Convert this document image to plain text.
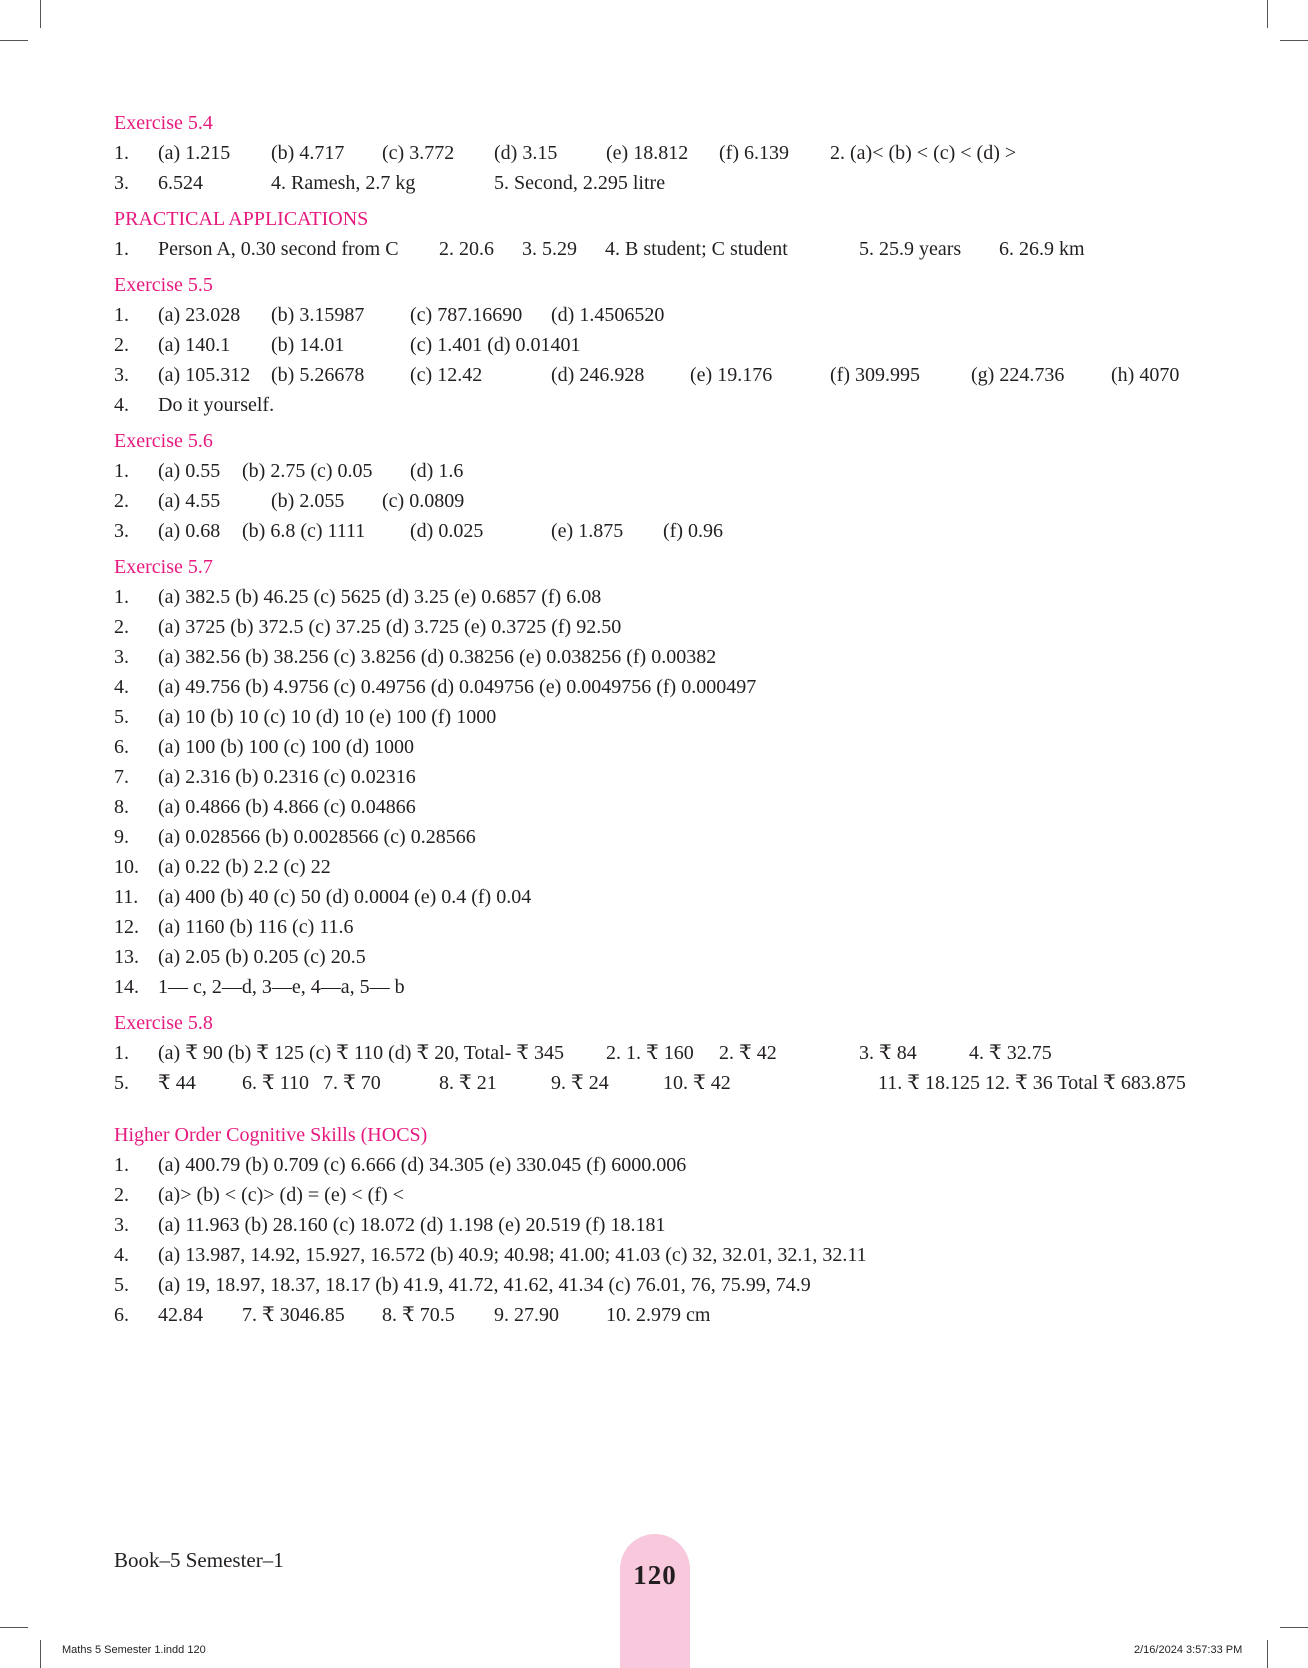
Exercise 5.4
1. (a) 1.215 (b) 4.717 (c) 3.772 (d) 3.15 (e) 18.812 (f) 6.139 2. (a)< (b) < (c) < (d) >
3. 6.524	4. Ramesh, 2.7 kg	5. Second, 2.295 litre
PRACTICAL APPLICATIONS
1. Person A, 0.30 second from C 2. 20.6 3. 5.29 4. B student; C student	5. 25.9 years 6. 26.9 km
Exercise 5.5
1. (a) 23.028 (b) 3.15987 (c) 787.16690 (d) 1.4506520
2. (a) 140.1 (b) 14.01	(c) 1.401 (d) 0.01401
3. (a) 105.312 (b) 5.26678 (c) 12.42	(d) 246.928 (e) 19.176	(f) 309.995	(g) 224.736 (h) 4070
4. Do it yourself.
Exercise 5.6
1. (a) 0.55 (b) 2.75 (c) 0.05 (d) 1.6
2. (a) 4.55	(b) 2.055 (c) 0.0809
3. (a) 0.68 (b) 6.8 (c) 1111 (d) 0.025	(e) 1.875 (f) 0.96
Exercise 5.7
1. (a) 382.5 (b) 46.25 (c) 5625 (d) 3.25 (e) 0.6857 (f) 6.08
2. (a) 3725 (b) 372.5 (c) 37.25 (d) 3.725 (e) 0.3725 (f) 92.50
3. (a) 382.56 (b) 38.256 (c) 3.8256 (d) 0.38256 (e) 0.038256 (f) 0.00382
4. (a) 49.756 (b) 4.9756 (c) 0.49756 (d) 0.049756 (e) 0.0049756 (f) 0.000497
5. (a) 10 (b) 10 (c) 10 (d) 10 (e) 100 (f) 1000
6. (a) 100 (b) 100 (c) 100 (d) 1000
7. (a) 2.316 (b) 0.2316 (c) 0.02316
8. (a) 0.4866 (b) 4.866 (c) 0.04866
9. (a) 0.028566 (b) 0.0028566 (c) 0.28566
10. (a) 0.22 (b) 2.2 (c) 22
11. (a) 400 (b) 40 (c) 50 (d) 0.0004 (e) 0.4 (f) 0.04
12. (a) 1160 (b) 116 (c) 11.6
13. (a) 2.05 (b) 0.205 (c) 20.5
14. 1— c, 2—d, 3—e, 4—a, 5— b
Exercise 5.8
1. (a) ₹ 90 (b) ₹ 125 (c) ₹ 110 (d) ₹ 20, Total- ₹ 345 2. 1. ₹ 160 2. ₹ 42	3. ₹ 84	4. ₹ 32.75
5. ₹ 44 6. ₹ 110 7. ₹ 70	8. ₹ 21	9. ₹ 24	10. ₹ 42	11. ₹ 18.125 12. ₹ 36 Total ₹ 683.875
Higher Order Cognitive Skills (HOCS)
1. (a) 400.79 (b) 0.709 (c) 6.666 (d) 34.305 (e) 330.045 (f) 6000.006
2. (a)> (b) < (c)> (d) = (e) < (f) <
3. (a) 11.963 (b) 28.160 (c) 18.072 (d) 1.198 (e) 20.519 (f) 18.181
4. (a) 13.987, 14.92, 15.927, 16.572 (b) 40.9; 40.98; 41.00; 41.03 (c) 32, 32.01, 32.1, 32.11
5. (a) 19, 18.97, 18.37, 18.17 (b) 41.9, 41.72, 41.62, 41.34 (c) 76.01, 76, 75.99, 74.9
6. 42.84 7. ₹ 3046.85 8. ₹ 70.5 9. 27.90 10. 2.979 cm
Book–5 Semester–1	120
Maths 5 Semester 1.indd 120	2/16/2024 3:57:33 PM
